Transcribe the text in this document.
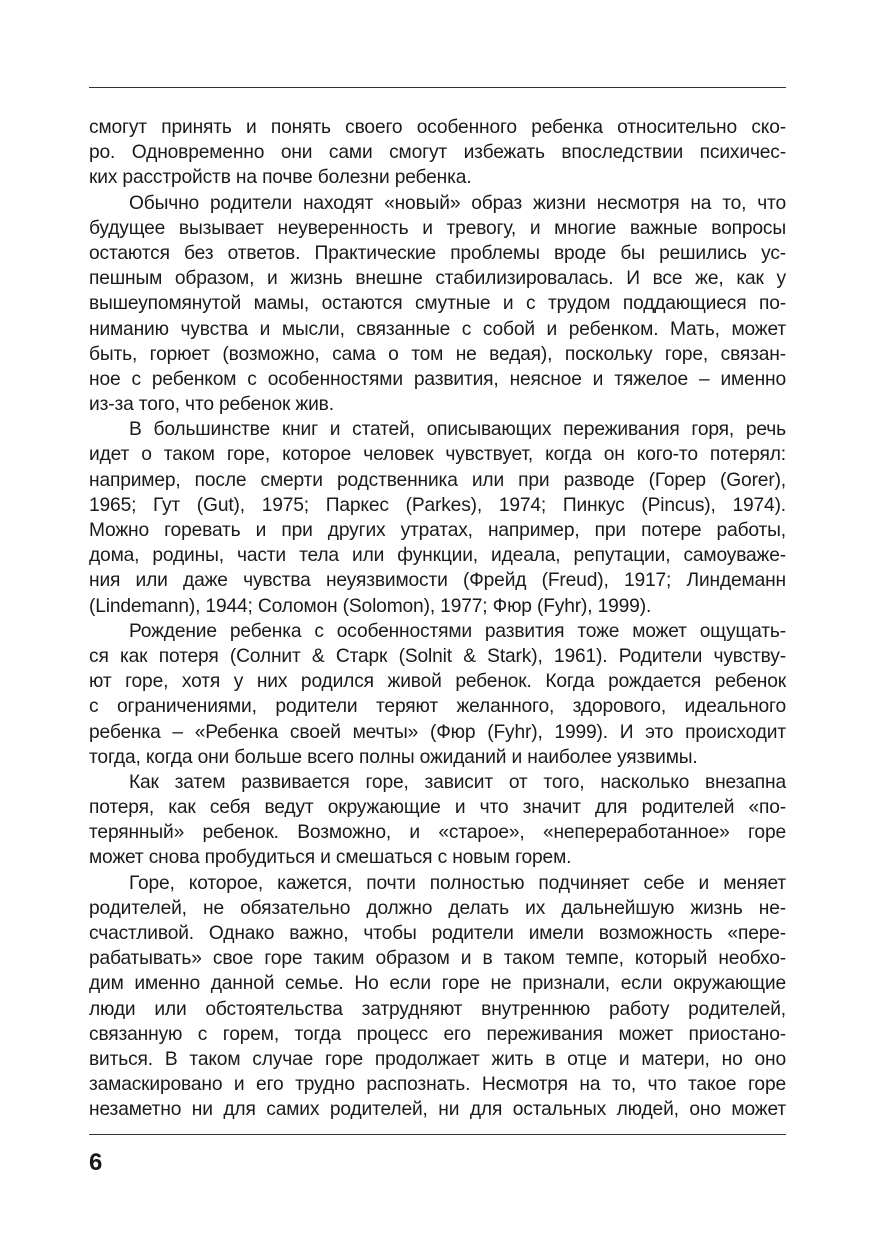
смогут принять и понять своего особенного ребенка относительно ско-
ро. Одновременно они сами смогут избежать впоследствии психичес-
ких расстройств на почве болезни ребенка.
Обычно родители находят «новый» образ жизни несмотря на то, что
будущее вызывает неуверенность и тревогу, и многие важные вопросы
остаются без ответов. Практические проблемы вроде бы решились ус-
пешным образом, и жизнь внешне стабилизировалась. И все же, как у
вышеупомянутой мамы, остаются смутные и с трудом поддающиеся по-
ниманию чувства и мысли, связанные с собой и ребенком. Мать, может
быть, горюет (возможно, сама о том не ведая), поскольку горе, связан-
ное с ребенком с особенностями развития, неясное и тяжелое – именно
из-за того, что ребенок жив.
В большинстве книг и статей, описывающих переживания горя, речь
идет о таком горе, которое человек чувствует, когда он кого-то потерял:
например, после смерти родственника или при разводе (Горер (Gorer),
1965; Гут (Gut), 1975; Паркес (Parkes), 1974; Пинкус (Pincus), 1974).
Можно горевать и при других утратах, например, при потере работы,
дома, родины, части тела или функции, идеала, репутации, самоуваже-
ния или даже чувства неуязвимости (Фрейд (Freud), 1917; Линдеманн
(Lindemann), 1944; Соломон (Solomon), 1977; Фюр (Fyhr), 1999).
Рождение ребенка с особенностями развития тоже может ощущать-
ся как потеря (Солнит & Старк (Solnit & Stark), 1961). Родители чувству-
ют горе, хотя у них родился живой ребенок. Когда рождается ребенок
с ограничениями, родители теряют желанного, здорового, идеального
ребенка – «Ребенка своей мечты» (Фюр (Fyhr), 1999). И это происходит
тогда, когда они больше всего полны ожиданий и наиболее уязвимы.
Как затем развивается горе, зависит от того, насколько внезапна
потеря, как себя ведут окружающие и что значит для родителей «по-
терянный» ребенок. Возможно, и «старое», «непереработанное» горе
может снова пробудиться и смешаться с новым горем.
Горе, которое, кажется, почти полностью подчиняет себе и меняет
родителей, не обязательно должно делать их дальнейшую жизнь не-
счастливой. Однако важно, чтобы родители имели возможность «пере-
рабатывать» свое горе таким образом и в таком темпе, который необхо-
дим именно данной семье. Но если горе не признали, если окружающие
люди или обстоятельства затрудняют внутреннюю работу родителей,
связанную с горем, тогда процесс его переживания может приостано-
виться. В таком случае горе продолжает жить в отце и матери, но оно
замаскировано и его трудно распознать. Несмотря на то, что такое горе
незаметно ни для самих родителей, ни для остальных людей, оно может
6
